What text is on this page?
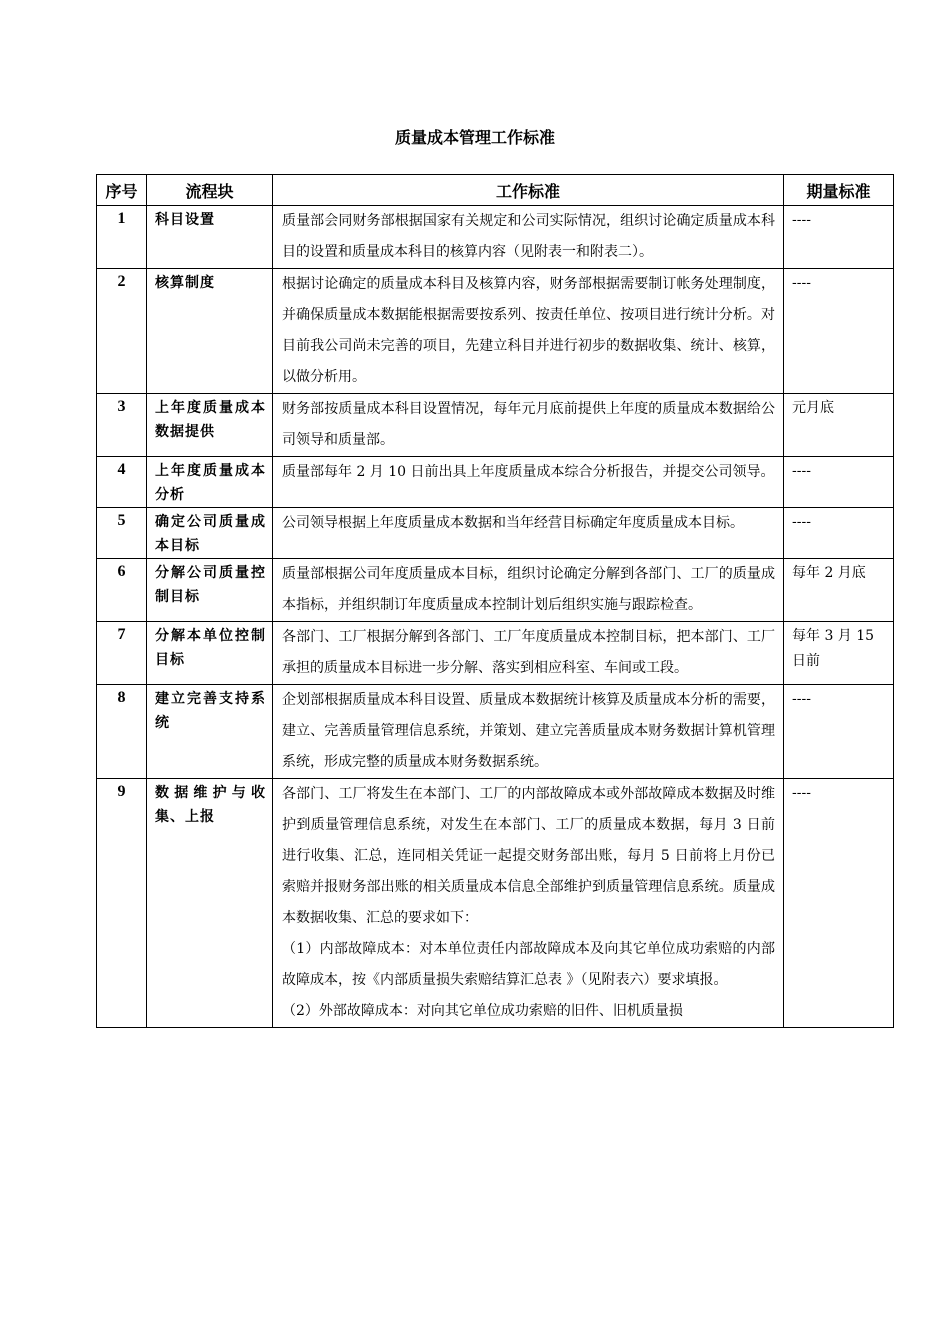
质量成本管理工作标准
序号	流程块	工作标准	期量标准
1	科目设置	质量部会同财务部根据国家有关规定和公司实际情况，组织讨论确定质量成本科目的设置和质量成本科目的核算内容（见附表一和附表二）。	----
2	核算制度	根据讨论确定的质量成本科目及核算内容，财务部根据需要制订帐务处理制度，并确保质量成本数据能根据需要按系列、按责任单位、按项目进行统计分析。对目前我公司尚未完善的项目，先建立科目并进行初步的数据收集、统计、核算，以做分析用。	----
3	上年度质量成本数据提供	财务部按质量成本科目设置情况，每年元月底前提供上年度的质量成本数据给公司领导和质量部。	元月底
4	上年度质量成本分析	质量部每年 2 月 10 日前出具上年度质量成本综合分析报告，并提交公司领导。	----
5	确定公司质量成本目标	公司领导根据上年度质量成本数据和当年经营目标确定年度质量成本目标。	----
6	分解公司质量控制目标	质量部根据公司年度质量成本目标，组织讨论确定分解到各部门、工厂的质量成本指标，并组织制订年度质量成本控制计划后组织实施与跟踪检查。	每年 2 月底
7	分解本单位控制目标	各部门、工厂根据分解到各部门、工厂年度质量成本控制目标，把本部门、工厂承担的质量成本目标进一步分解、落实到相应科室、车间或工段。	每年 3 月 15 日前
8	建立完善支持系统	企划部根据质量成本科目设置、质量成本数据统计核算及质量成本分析的需要，建立、完善质量管理信息系统，并策划、建立完善质量成本财务数据计算机管理系统，形成完整的质量成本财务数据系统。	----
9	数据维护与收集、上报	各部门、工厂将发生在本部门、工厂的内部故障成本或外部故障成本数据及时维护到质量管理信息系统，对发生在本部门、工厂的质量成本数据，每月 3 日前进行收集、汇总，连同相关凭证一起提交财务部出账，每月 5 日前将上月份已索赔并报财务部出账的相关质量成本信息全部维护到质量管理信息系统。质量成本数据收集、汇总的要求如下：
（1）内部故障成本：对本单位责任内部故障成本及向其它单位成功索赔的内部故障成本，按《内部质量损失索赔结算汇总表 》（见附表六）要求填报。
（2）外部故障成本：对向其它单位成功索赔的旧件、旧机质量损	----
